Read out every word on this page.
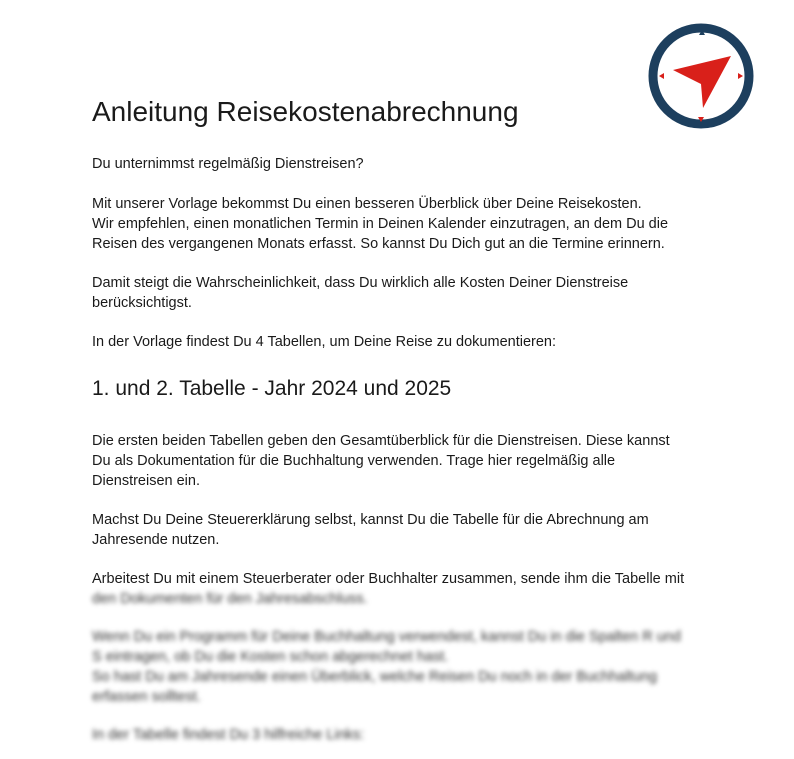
Anleitung Reisekostenabrechnung

Du unternimmst regelmäßig Dienstreisen?

Mit unserer Vorlage bekommst Du einen besseren Überblick über Deine Reisekosten.

Wir empfehlen, einen monatlichen Termin in Deinen Kalender einzutragen, an dem Du die

Reisen des vergangenen Monats erfasst. So kannst Du Dich gut an die Termine erinnern.

Damit steigt die Wahrscheinlichkeit, dass Du wirklich alle Kosten Deiner Dienstreise

berücksichtigst.

In der Vorlage findest Du 4 Tabellen, um Deine Reise zu dokumentieren:

1. und 2. Tabelle - Jahr 2024 und 2025

Die ersten beiden Tabellen geben den Gesamtüberblick für die Dienstreisen. Diese kannst

Du als Dokumentation für die Buchhaltung verwenden. Trage hier regelmäßig alle

Dienstreisen ein.

Machst Du Deine Steuererklärung selbst, kannst Du die Tabelle für die Abrechnung am

Jahresende nutzen.

Arbeitest Du mit einem Steuerberater oder Buchhalter zusammen, sende ihm die Tabelle mit

den Dokumenten für den Jahresabschluss.

Wenn Du ein Programm für Deine Buchhaltung verwendest, kannst Du in die Spalten R und

S eintragen, ob Du die Kosten schon abgerechnet hast.

So hast Du am Jahresende einen Überblick, welche Reisen Du noch in der Buchhaltung

erfassen solltest.

In der Tabelle findest Du 3 hilfreiche Links:
